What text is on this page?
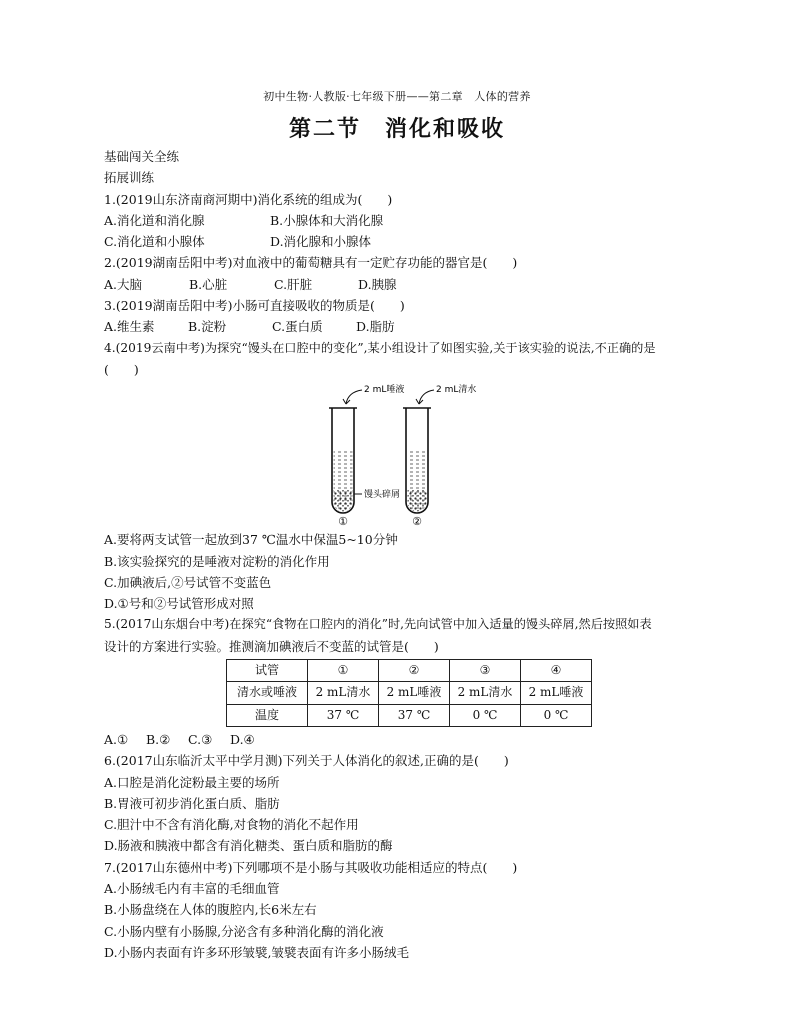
初中生物·人教版·七年级下册——第二章　人体的营养
第二节　消化和吸收
基础闯关全练
拓展训练
1.(2019山东济南商河期中)消化系统的组成为(　　)
A.消化道和消化腺	B.小腺体和大消化腺
C.消化道和小腺体	D.消化腺和小腺体
2.(2019湖南岳阳中考)对血液中的葡萄糖具有一定贮存功能的器官是(　　)
A.大脑	B.心脏	C.肝脏	D.胰腺
3.(2019湖南岳阳中考)小肠可直接吸收的物质是(　　)
A.维生素	B.淀粉	C.蛋白质	D.脂肪
4.(2019云南中考)为探究“馒头在口腔中的变化”,某小组设计了如图实验,关于该实验的说法,不正确的是
(　　)
2 mL唾液	2 mL清水
馒头碎屑
①	②
A.要将两支试管一起放到37 ℃温水中保温5~10分钟
B.该实验探究的是唾液对淀粉的消化作用
C.加碘液后,②号试管不变蓝色
D.①号和②号试管形成对照
5.(2017山东烟台中考)在探究“食物在口腔内的消化”时,先向试管中加入适量的馒头碎屑,然后按照如表
设计的方案进行实验。推测滴加碘液后不变蓝的试管是(　　)
试管	①	②	③	④
清水或唾液	2 mL清水	2 mL唾液	2 mL清水	2 mL唾液
温度	37 ℃	37 ℃	0 ℃	0 ℃
A.①	B.②	C.③	D.④
6.(2017山东临沂太平中学月测)下列关于人体消化的叙述,正确的是(　　)
A.口腔是消化淀粉最主要的场所
B.胃液可初步消化蛋白质、脂肪
C.胆汁中不含有消化酶,对食物的消化不起作用
D.肠液和胰液中都含有消化糖类、蛋白质和脂肪的酶
7.(2017山东德州中考)下列哪项不是小肠与其吸收功能相适应的特点(　　)
A.小肠绒毛内有丰富的毛细血管
B.小肠盘绕在人体的腹腔内,长6米左右
C.小肠内壁有小肠腺,分泌含有多种消化酶的消化液
D.小肠内表面有许多环形皱襞,皱襞表面有许多小肠绒毛
